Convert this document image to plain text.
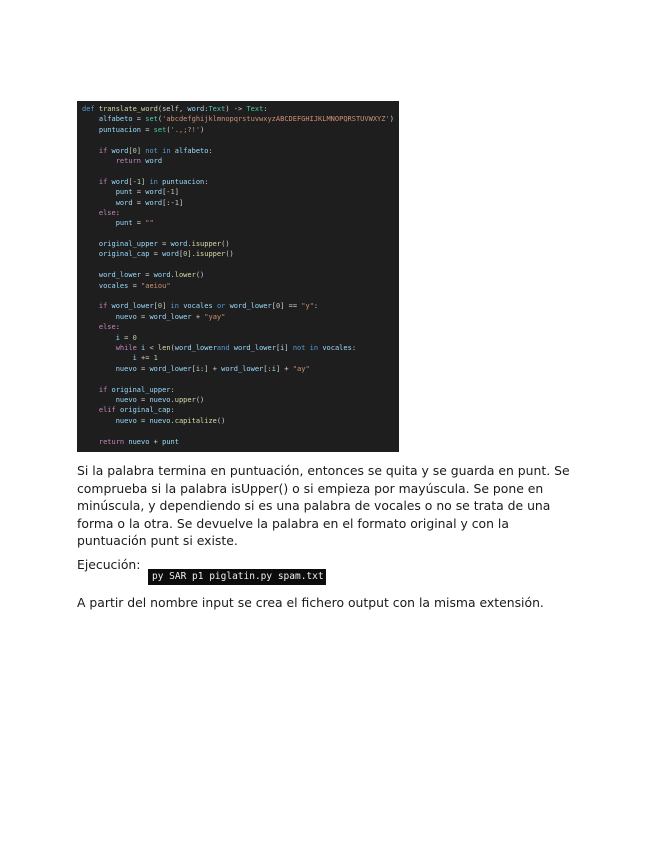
def translate_word(self, word:Text) -> Text:
alfabeto = set('abcdefghijklmnopqrstuvwxyzABCDEFGHIJKLMNOPQRSTUVWXYZ')
puntuacion = set('.,;?!')
if word[0] not in alfabeto:
return word
if word[-1] in puntuacion:
punt = word[-1]
word = word[:-1]
else:
punt = ""
original_upper = word.isupper()
original_cap = word[0].isupper()
word_lower = word.lower()
vocales = "aeiou"
if word_lower[0] in vocales or word_lower[0] == "y":
nuevo = word_lower + "yay"
else:
i = 0
while i < len(word_lowerand word_lower[i] not in vocales:
i += 1
nuevo = word_lower[i:] + word_lower[:i] + "ay"
if original_upper:
nuevo = nuevo.upper()
elif original_cap:
nuevo = nuevo.capitalize()
return nuevo + punt

Si la palabra termina en puntuación, entonces se quita y se guarda en punt. Se comprueba si la palabra isUpper() o si empieza por mayúscula. Se pone en minúscula, y dependiendo si es una palabra de vocales o no se trata de una forma o la otra. Se devuelve la palabra en el formato original y con la puntuación punt si existe.

Ejecución:
py SAR p1 piglatin.py spam.txt

A partir del nombre input se crea el fichero output con la misma extensión.
